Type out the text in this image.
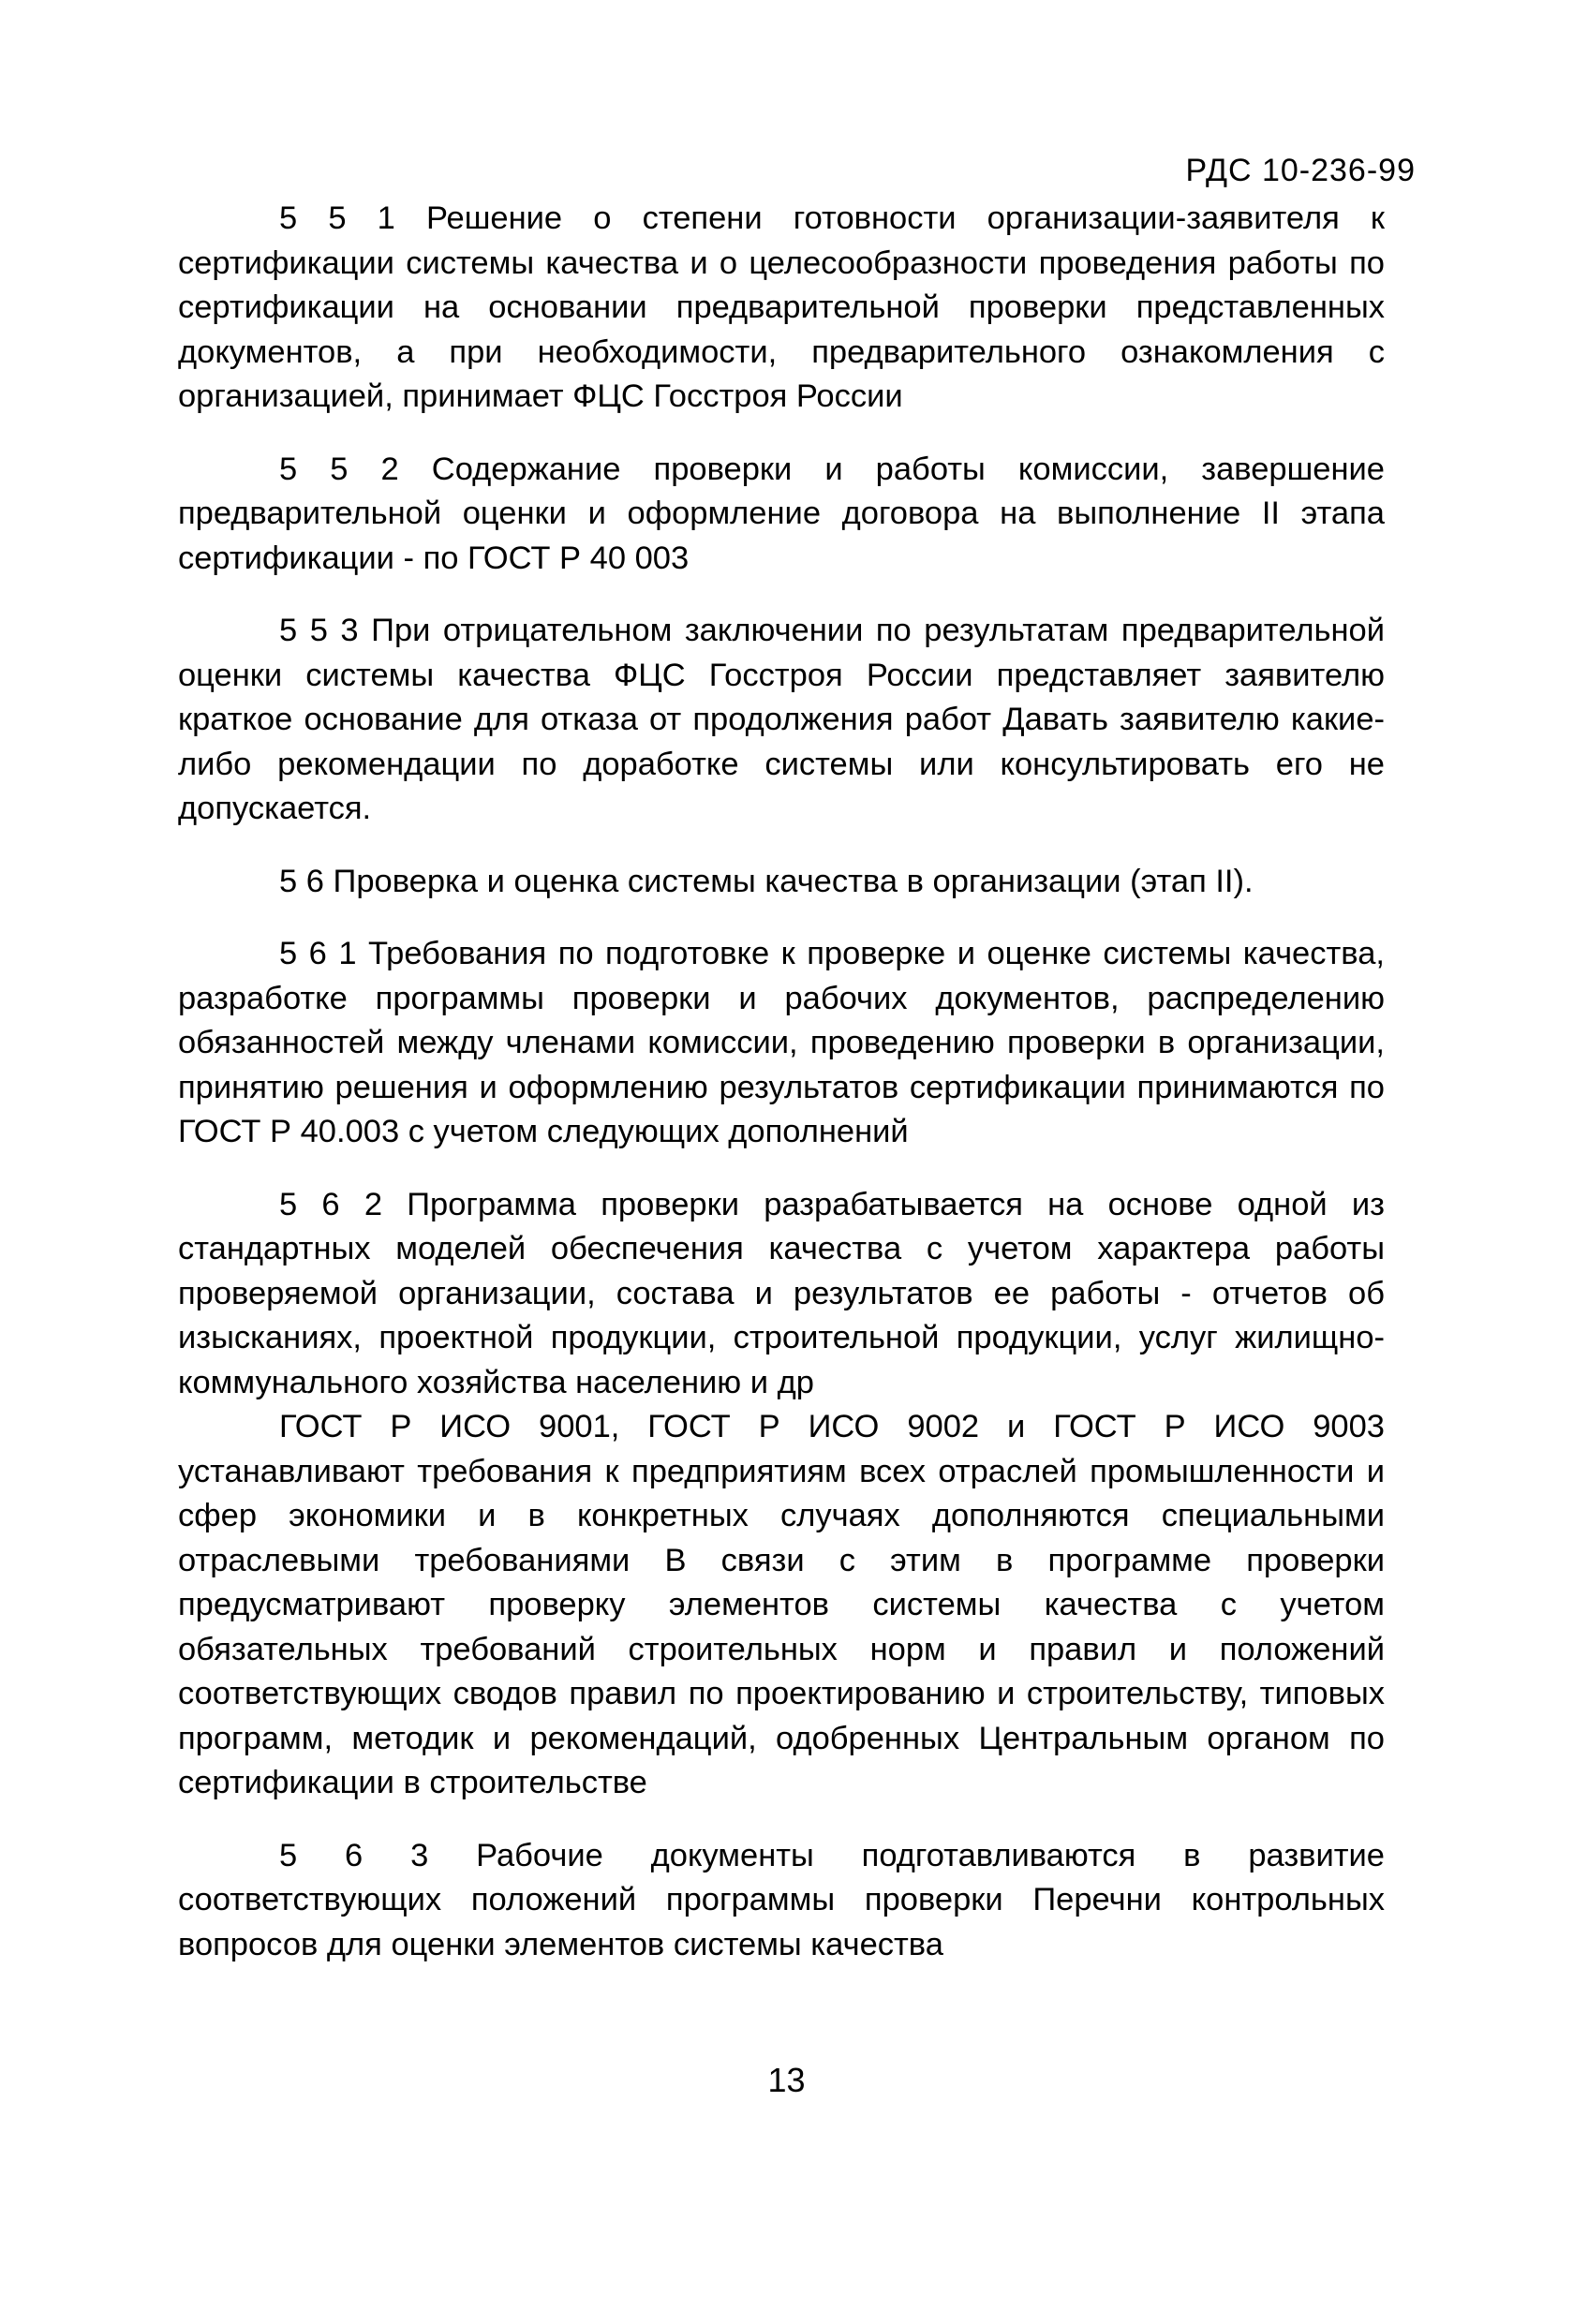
РДС 10-236-99

5 5 1 Решение о степени готовности организации-заявителя к сертификации системы качества и о целесообразности проведения работы по сертификации на основании предварительной проверки представленных документов, а при необходимости, предварительного ознакомления с организацией, принимает ФЦС Госстроя России

5 5 2 Содержание проверки и работы комиссии, завершение предварительной оценки и оформление договора на выполнение II этапа сертификации - по ГОСТ Р 40 003

5 5 3 При отрицательном заключении по результатам предварительной оценки системы качества ФЦС Госстроя России представляет заявителю краткое основание для отказа от продолжения работ Давать заявителю какие-либо рекомендации по доработке системы или консультировать его не допускается.

5 6 Проверка и оценка системы качества в организации (этап II).

5 6 1 Требования по подготовке к проверке и оценке системы качества, разработке программы проверки и рабочих документов, распределению обязанностей между членами комиссии, проведению проверки в организации, принятию решения и оформлению результатов сертификации принимаются по ГОСТ Р 40.003 с учетом следующих дополнений

5 6 2 Программа проверки разрабатывается на основе одной из стандартных моделей обеспечения качества с учетом характера работы проверяемой организации, состава и результатов ее работы - отчетов об изысканиях, проектной продукции, строительной продукции, услуг жилищно-коммунального хозяйства населению и др

ГОСТ Р ИСО 9001, ГОСТ Р ИСО 9002 и ГОСТ Р ИСО 9003 устанавливают требования к предприятиям всех отраслей промышленности и сфер экономики и в конкретных случаях дополняются специальными отраслевыми требованиями В связи с этим в программе проверки предусматривают проверку элементов системы качества с учетом обязательных требований строительных норм и правил и положений соответствующих сводов правил по проектированию и строительству, типовых программ, методик и рекомендаций, одобренных Центральным органом по сертификации в строительстве

5 6 3 Рабочие документы подготавливаются в развитие соответствующих положений программы проверки Перечни контрольных вопросов для оценки элементов системы качества

13
